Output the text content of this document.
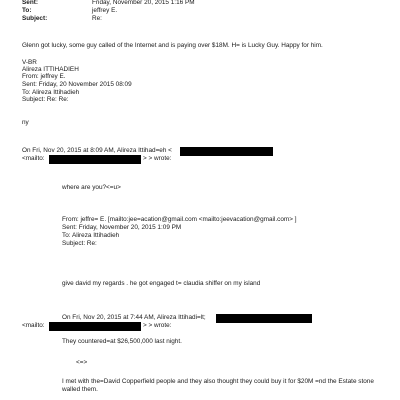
Sent:	Friday, November 20, 2015 1:16 PM
To:	jeffrey E.
Subject:	Re:
Glenn got lucky, some guy called of the Internet and is paying over $18M. H= is Lucky Guy. Happy for him.
V-BR
Alireza ITTIHADIEH
From: jeffrey E.
Sent: Friday, 20 November 2015 08:09
To: Alireza Ittihadieh
Subject: Re: Re:
ny
On Fri, Nov 20, 2015 at 8:09 AM, Alireza Ittihad=eh <
<mailto:	> > wrote:
where are you?<=u>
From: jeffre= E. [mailto:jee=acation@gmail.com <mailto:jeevacation@gmail.com> ]
Sent: Friday, November 20, 2015 1:09 PM
To: Alireza Ittihadieh
Subject: Re:
give david my regards . he got engaged t= claudia shiffer on my island
On Fri, Nov 20, 2015 at 7:44 AM, Alireza Ittihadi=lt;
<mailto:	> > wrote:
They countered=at $26,500,000 last night.
<=>
I met with the=David Copperfield people and they also thought they could buy it for $20M =nd the Estate stone
walled them.
